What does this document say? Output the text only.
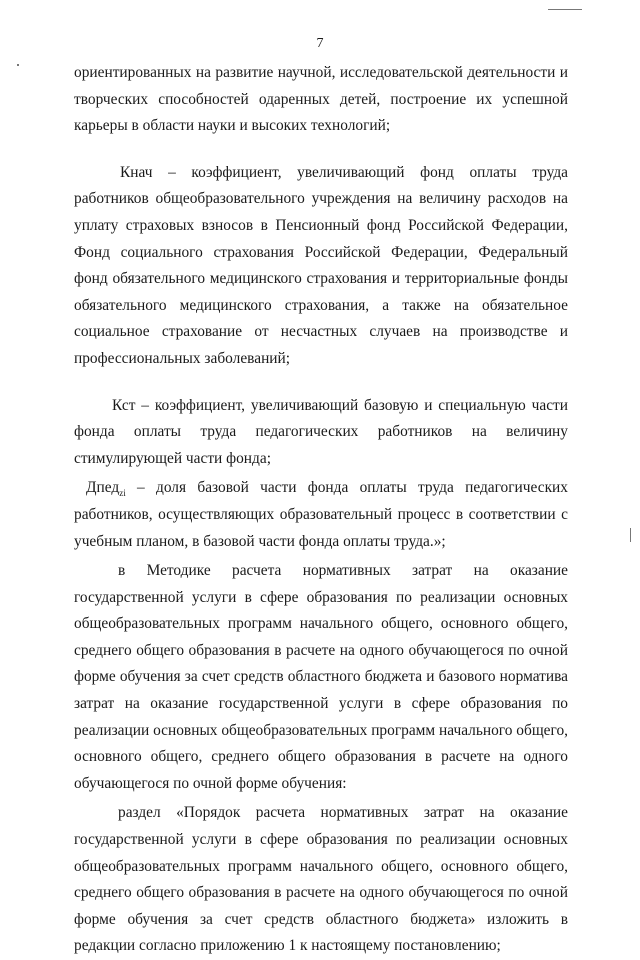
7
ориентированных на развитие научной, исследовательской деятельности и
творческих способностей одаренных детей, построение их успешной
карьеры в области науки и высоких технологий;
Кнач – коэффициент, увеличивающий фонд оплаты труда
работников общеобразовательного учреждения на величину расходов на
уплату страховых взносов в Пенсионный фонд Российской Федерации,
Фонд социального страхования Российской Федерации, Федеральный
фонд обязательного медицинского страхования и территориальные фонды
обязательного медицинского страхования, а также на обязательное
социальное страхование от несчастных случаев на производстве и
профессиональных заболеваний;
Кст – коэффициент, увеличивающий базовую и специальную части
фонда оплаты труда педагогических работников на величину
стимулирующей части фонда;
Дпед$_{zi}$ – доля базовой части фонда оплаты труда педагогических
работников, осуществляющих образовательный процесс в соответствии с
учебным планом, в базовой части фонда оплаты труда.»;
в Методике расчета нормативных затрат на оказание
государственной услуги в сфере образования по реализации основных
общеобразовательных программ начального общего, основного общего,
среднего общего образования в расчете на одного обучающегося по очной
форме обучения за счет средств областного бюджета и базового норматива
затрат на оказание государственной услуги в сфере образования по
реализации основных общеобразовательных программ начального общего,
основного общего, среднего общего образования в расчете на одного
обучающегося по очной форме обучения:
раздел «Порядок расчета нормативных затрат на оказание
государственной услуги в сфере образования по реализации основных
общеобразовательных программ начального общего, основного общего,
среднего общего образования в расчете на одного обучающегося по очной
форме обучения за счет средств областного бюджета» изложить в
редакции согласно приложению 1 к настоящему постановлению;
